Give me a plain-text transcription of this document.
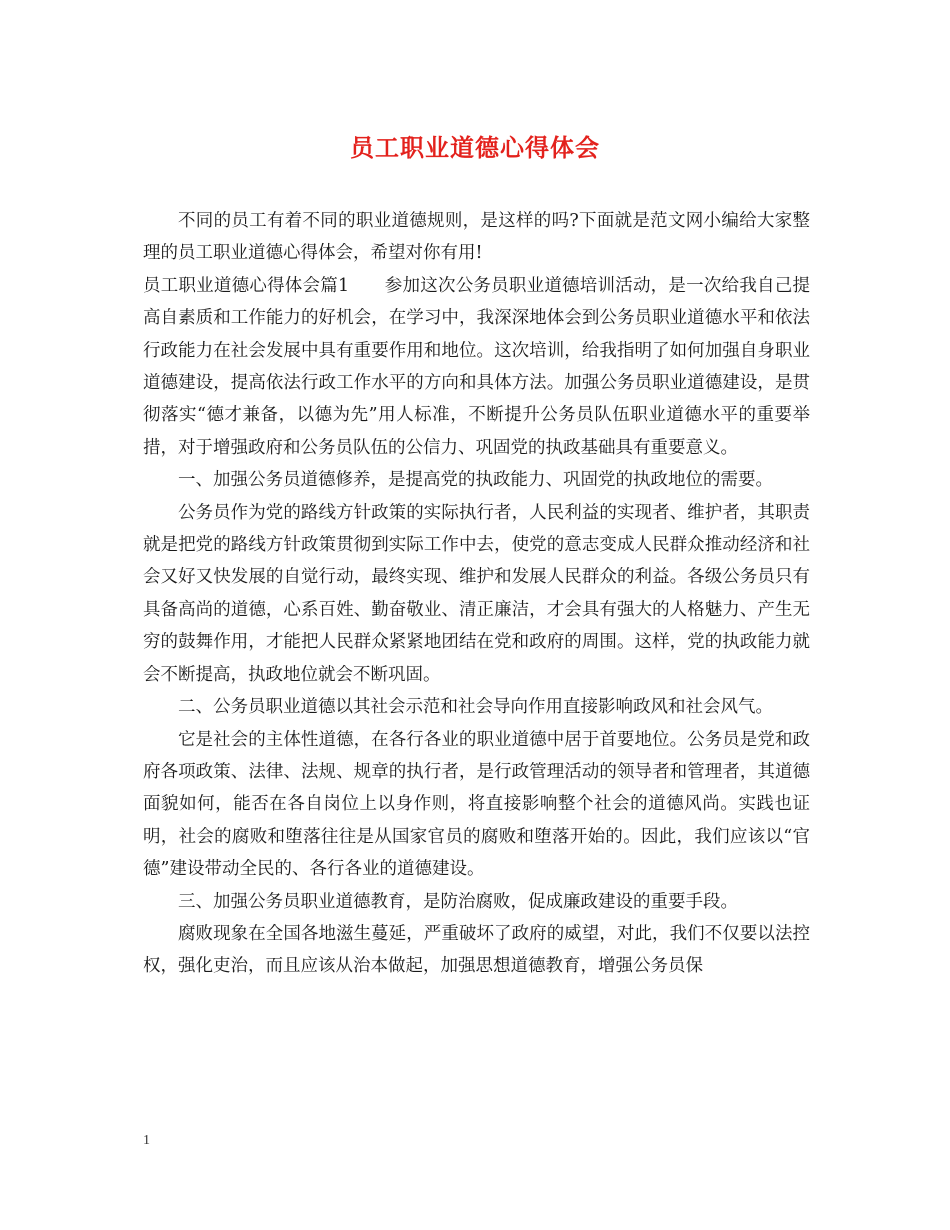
员工职业道德心得体会

不同的员工有着不同的职业道德规则，是这样的吗?下面就是范文网小编给大家整理的员工职业道德心得体会，希望对你有用!

员工职业道德心得体会篇1　　参加这次公务员职业道德培训活动，是一次给我自己提高自素质和工作能力的好机会，在学习中，我深深地体会到公务员职业道德水平和依法行政能力在社会发展中具有重要作用和地位。这次培训，给我指明了如何加强自身职业道德建设，提高依法行政工作水平的方向和具体方法。加强公务员职业道德建设，是贯彻落实“德才兼备，以德为先”用人标准，不断提升公务员队伍职业道德水平的重要举措，对于增强政府和公务员队伍的公信力、巩固党的执政基础具有重要意义。

一、加强公务员道德修养，是提高党的执政能力、巩固党的执政地位的需要。

公务员作为党的路线方针政策的实际执行者，人民利益的实现者、维护者，其职责就是把党的路线方针政策贯彻到实际工作中去，使党的意志变成人民群众推动经济和社会又好又快发展的自觉行动，最终实现、维护和发展人民群众的利益。各级公务员只有具备高尚的道德，心系百姓、勤奋敬业、清正廉洁，才会具有强大的人格魅力、产生无穷的鼓舞作用，才能把人民群众紧紧地团结在党和政府的周围。这样，党的执政能力就会不断提高，执政地位就会不断巩固。

二、公务员职业道德以其社会示范和社会导向作用直接影响政风和社会风气。

它是社会的主体性道德，在各行各业的职业道德中居于首要地位。公务员是党和政府各项政策、法律、法规、规章的执行者，是行政管理活动的领导者和管理者，其道德面貌如何，能否在各自岗位上以身作则，将直接影响整个社会的道德风尚。实践也证明，社会的腐败和堕落往往是从国家官员的腐败和堕落开始的。因此，我们应该以“官德”建设带动全民的、各行各业的道德建设。

三、加强公务员职业道德教育，是防治腐败，促成廉政建设的重要手段。

腐败现象在全国各地滋生蔓延，严重破坏了政府的威望，对此，我们不仅要以法控权，强化吏治，而且应该从治本做起，加强思想道德教育，增强公务员保

1
